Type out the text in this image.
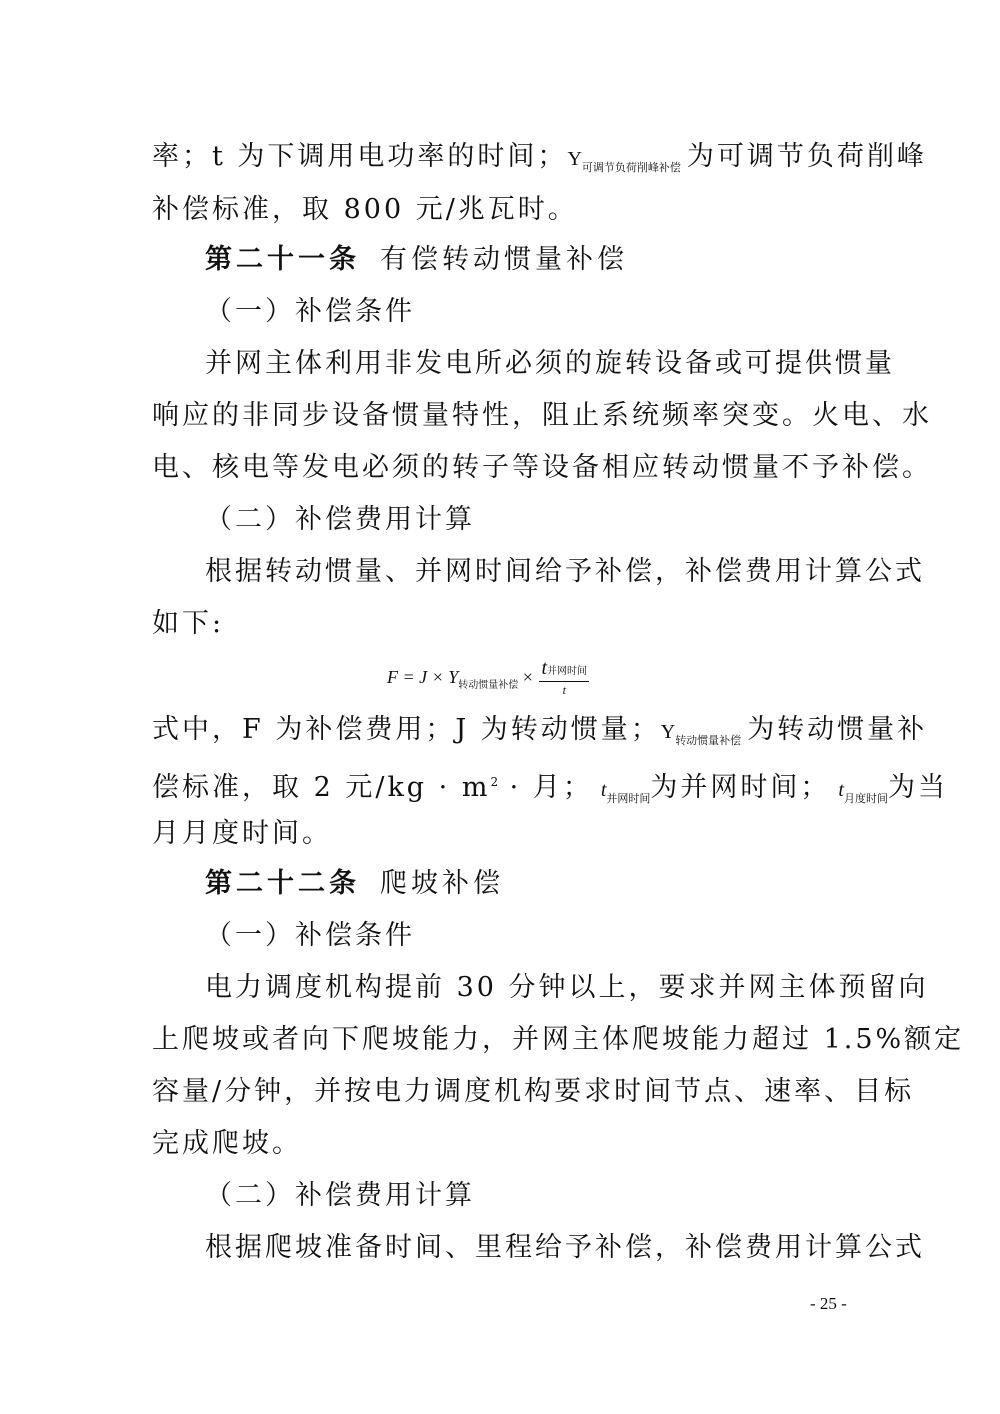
率；t 为下调用电功率的时间；$Y_{可调节负荷削峰补偿}$ 为可调节负荷削峰
补偿标准，取 800 元/兆瓦时。
第二十一条 有偿转动惯量补偿
（一）补偿条件
并网主体利用非发电所必须的旋转设备或可提供惯量
响应的非同步设备惯量特性，阻止系统频率突变。火电、水
电、核电等发电必须的转子等设备相应转动惯量不予补偿。
（二）补偿费用计算
根据转动惯量、并网时间给予补偿，补偿费用计算公式
如下:
$F = J \times Y_{转动惯量补偿} \times \frac{\text{t并网时间}}{t}$
式中，F 为补偿费用；J 为转动惯量；$Y_{转动惯量补偿}$ 为转动惯量补
偿标准，取 2 元$/kg \cdot m^2$ · 月； $t_{并网时间}$为并网时间； $t_{月度时间}$为当
月月度时间。
第二十二条 爬坡补偿
（一）补偿条件
电力调度机构提前 30 分钟以上，要求并网主体预留向
上爬坡或者向下爬坡能力，并网主体爬坡能力超过 1.5%额定
容量/分钟，并按电力调度机构要求时间节点、速率、目标
完成爬坡。
（二）补偿费用计算
根据爬坡准备时间、里程给予补偿，补偿费用计算公式
- 25 -
